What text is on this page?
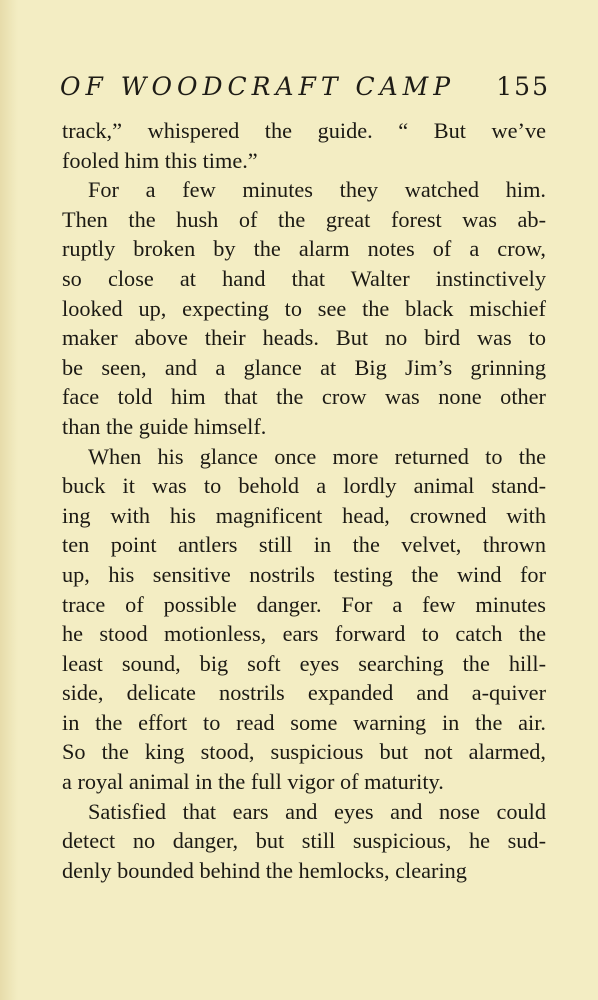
OF WOODCRAFT CAMP 155
track,” whispered the guide. “ But we’ve
fooled him this time.”
For a few minutes they watched him.
Then the hush of the great forest was ab-
ruptly broken by the alarm notes of a crow,
so close at hand that Walter instinctively
looked up, expecting to see the black mischief
maker above their heads. But no bird was to
be seen, and a glance at Big Jim’s grinning
face told him that the crow was none other
than the guide himself.
When his glance once more returned to the
buck it was to behold a lordly animal stand-
ing with his magnificent head, crowned with
ten point antlers still in the velvet, thrown
up, his sensitive nostrils testing the wind for
trace of possible danger. For a few minutes
he stood motionless, ears forward to catch the
least sound, big soft eyes searching the hill-
side, delicate nostrils expanded and a-quiver
in the effort to read some warning in the air.
So the king stood, suspicious but not alarmed,
a royal animal in the full vigor of maturity.
Satisfied that ears and eyes and nose could
detect no danger, but still suspicious, he sud-
denly bounded behind the hemlocks, clearing
